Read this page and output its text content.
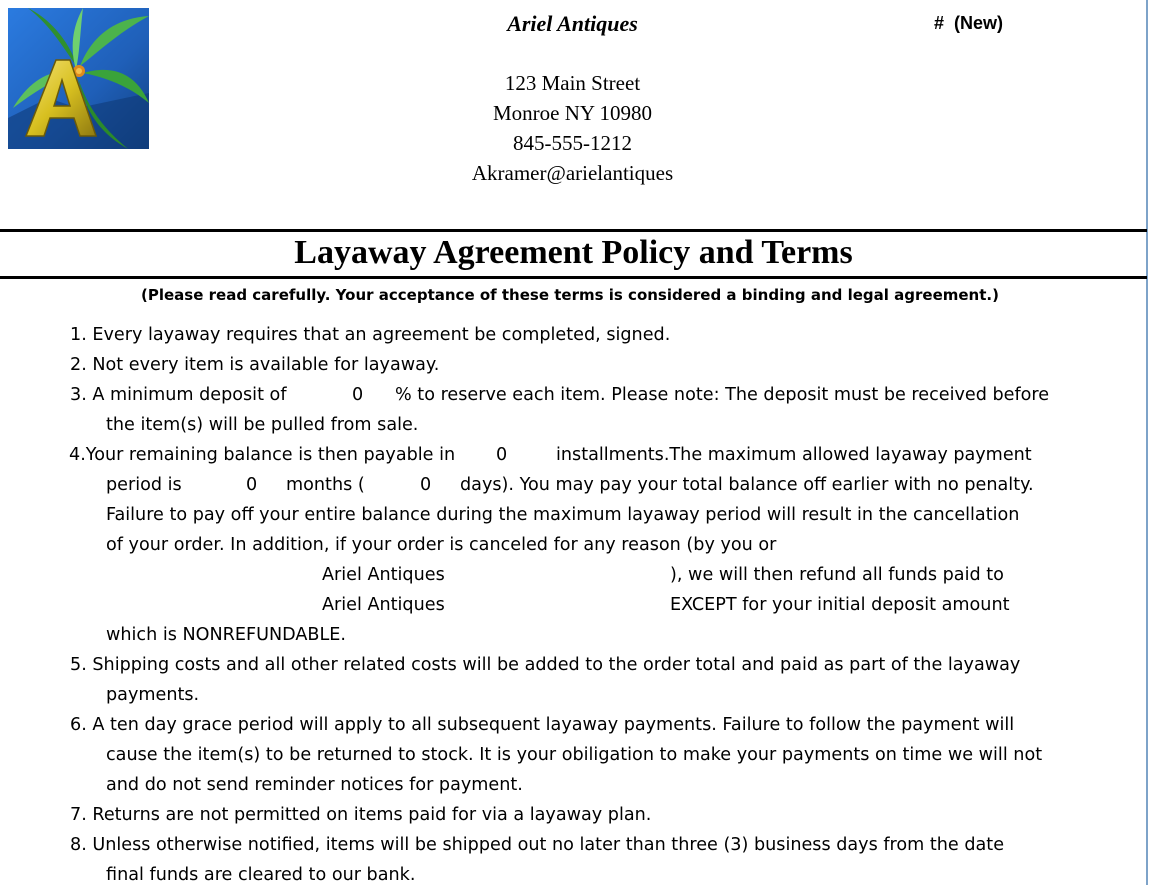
Ariel Antiques	#  (New)
123 Main Street
Monroe NY 10980
845-555-1212
Akramer@arielantiques
Layaway Agreement Policy and Terms
(Please read carefully. Your acceptance of these terms is considered a binding and legal agreement.)
1. Every layaway requires that an agreement be completed, signed.
2. Not every item is available for layaway.
3. A minimum deposit of	0 % to reserve each item. Please note: The deposit must be received before
the item(s) will be pulled from sale.
4.Your remaining balance is then payable in 0	installments.The maximum allowed layaway payment
period is	0 months (	0 days). You may pay your total balance off earlier with no penalty.
Failure to pay off your entire balance during the maximum layaway period will result in the cancellation
of your order. In addition, if your order is canceled for any reason (by you or
Ariel Antiques	), we will then refund all funds paid to
Ariel Antiques	EXCEPT for your initial deposit amount
which is NONREFUNDABLE.
5. Shipping costs and all other related costs will be added to the order total and paid as part of the layaway
payments.
6. A ten day grace period will apply to all subsequent layaway payments. Failure to follow the payment will
cause the item(s) to be returned to stock. It is your obiligation to make your payments on time we will not
and do not send reminder notices for payment.
7. Returns are not permitted on items paid for via a layaway plan.
8. Unless otherwise notified, items will be shipped out no later than three (3) business days from the date
final funds are cleared to our bank.
